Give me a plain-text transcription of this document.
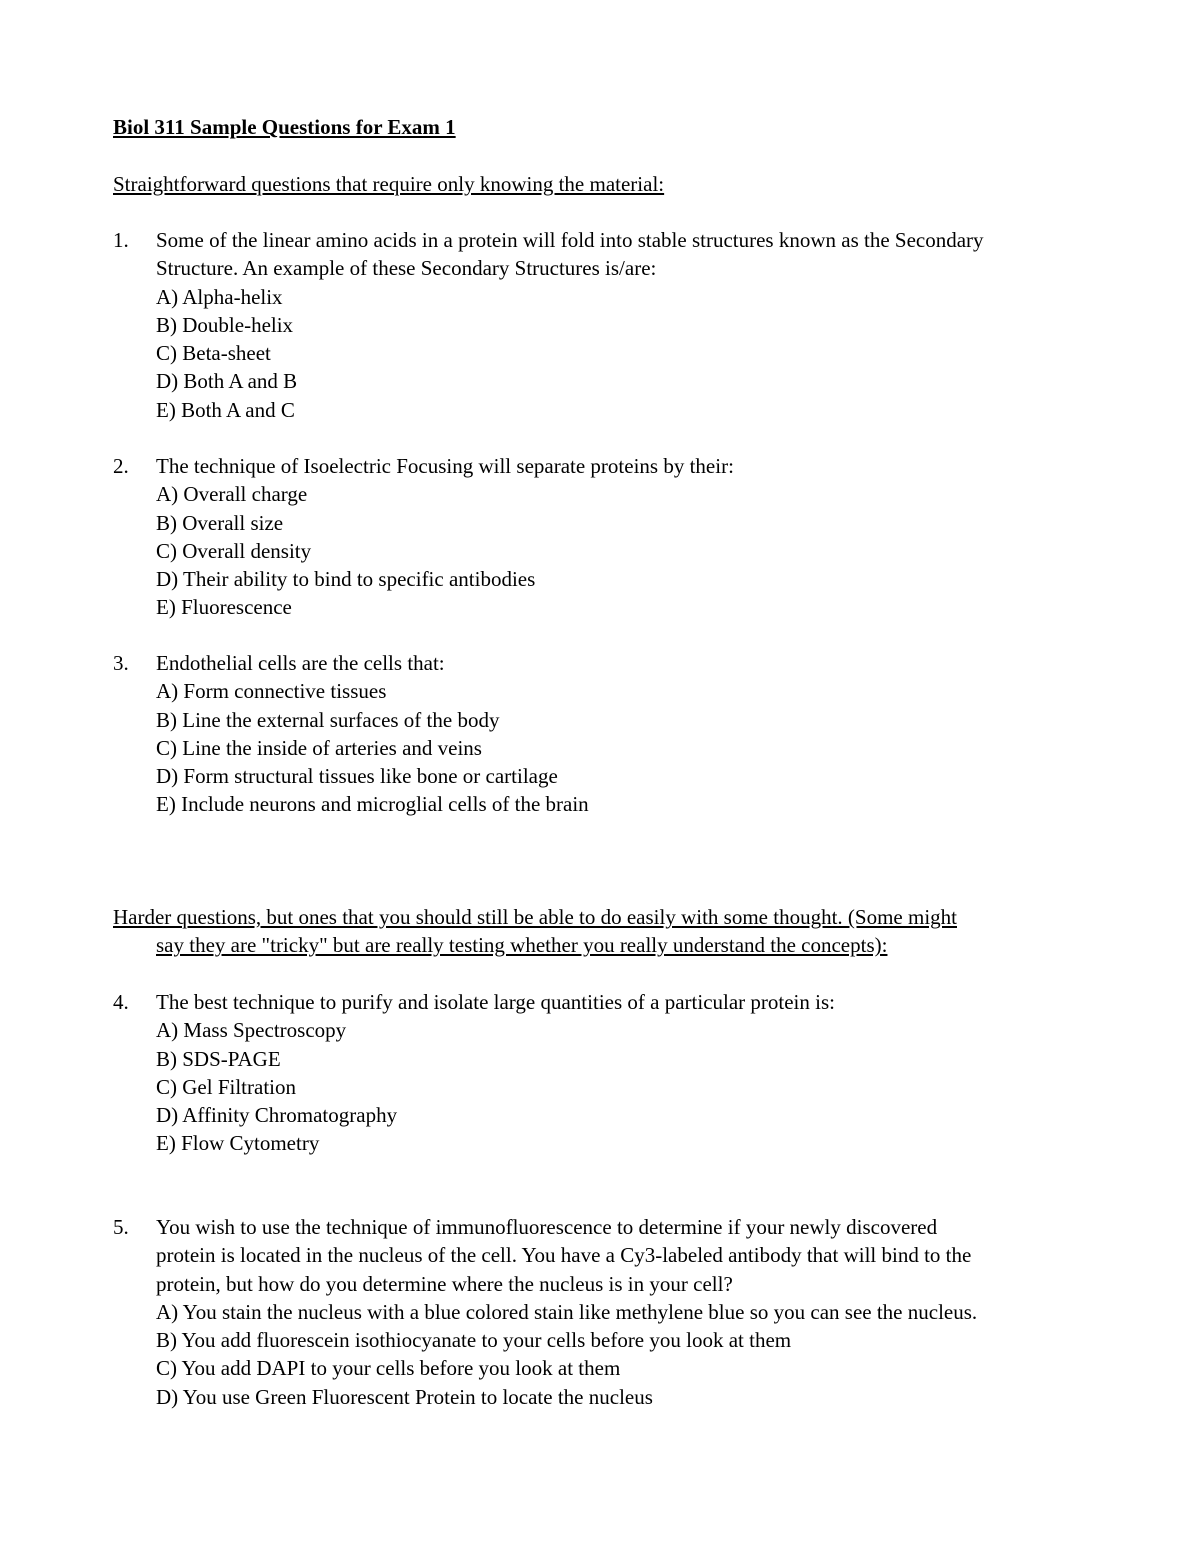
Biol 311 Sample Questions for Exam 1
Straightforward questions that require only knowing the material:
1. Some of the linear amino acids in a protein will fold into stable structures known as the Secondary
Structure. An example of these Secondary Structures is/are:
A) Alpha-helix
B) Double-helix
C) Beta-sheet
D) Both A and B
E) Both A and C
2. The technique of Isoelectric Focusing will separate proteins by their:
A) Overall charge
B) Overall size
C) Overall density
D) Their ability to bind to specific antibodies
E) Fluorescence
3. Endothelial cells are the cells that:
A) Form connective tissues
B) Line the external surfaces of the body
C) Line the inside of arteries and veins
D) Form structural tissues like bone or cartilage
E) Include neurons and microglial cells of the brain
Harder questions, but ones that you should still be able to do easily with some thought. (Some might
say they are "tricky" but are really testing whether you really understand the concepts):
4. The best technique to purify and isolate large quantities of a particular protein is:
A) Mass Spectroscopy
B) SDS-PAGE
C) Gel Filtration
D) Affinity Chromatography
E) Flow Cytometry
5. You wish to use the technique of immunofluorescence to determine if your newly discovered
protein is located in the nucleus of the cell. You have a Cy3-labeled antibody that will bind to the
protein, but how do you determine where the nucleus is in your cell?
A) You stain the nucleus with a blue colored stain like methylene blue so you can see the nucleus.
B) You add fluorescein isothiocyanate to your cells before you look at them
C) You add DAPI to your cells before you look at them
D) You use Green Fluorescent Protein to locate the nucleus
